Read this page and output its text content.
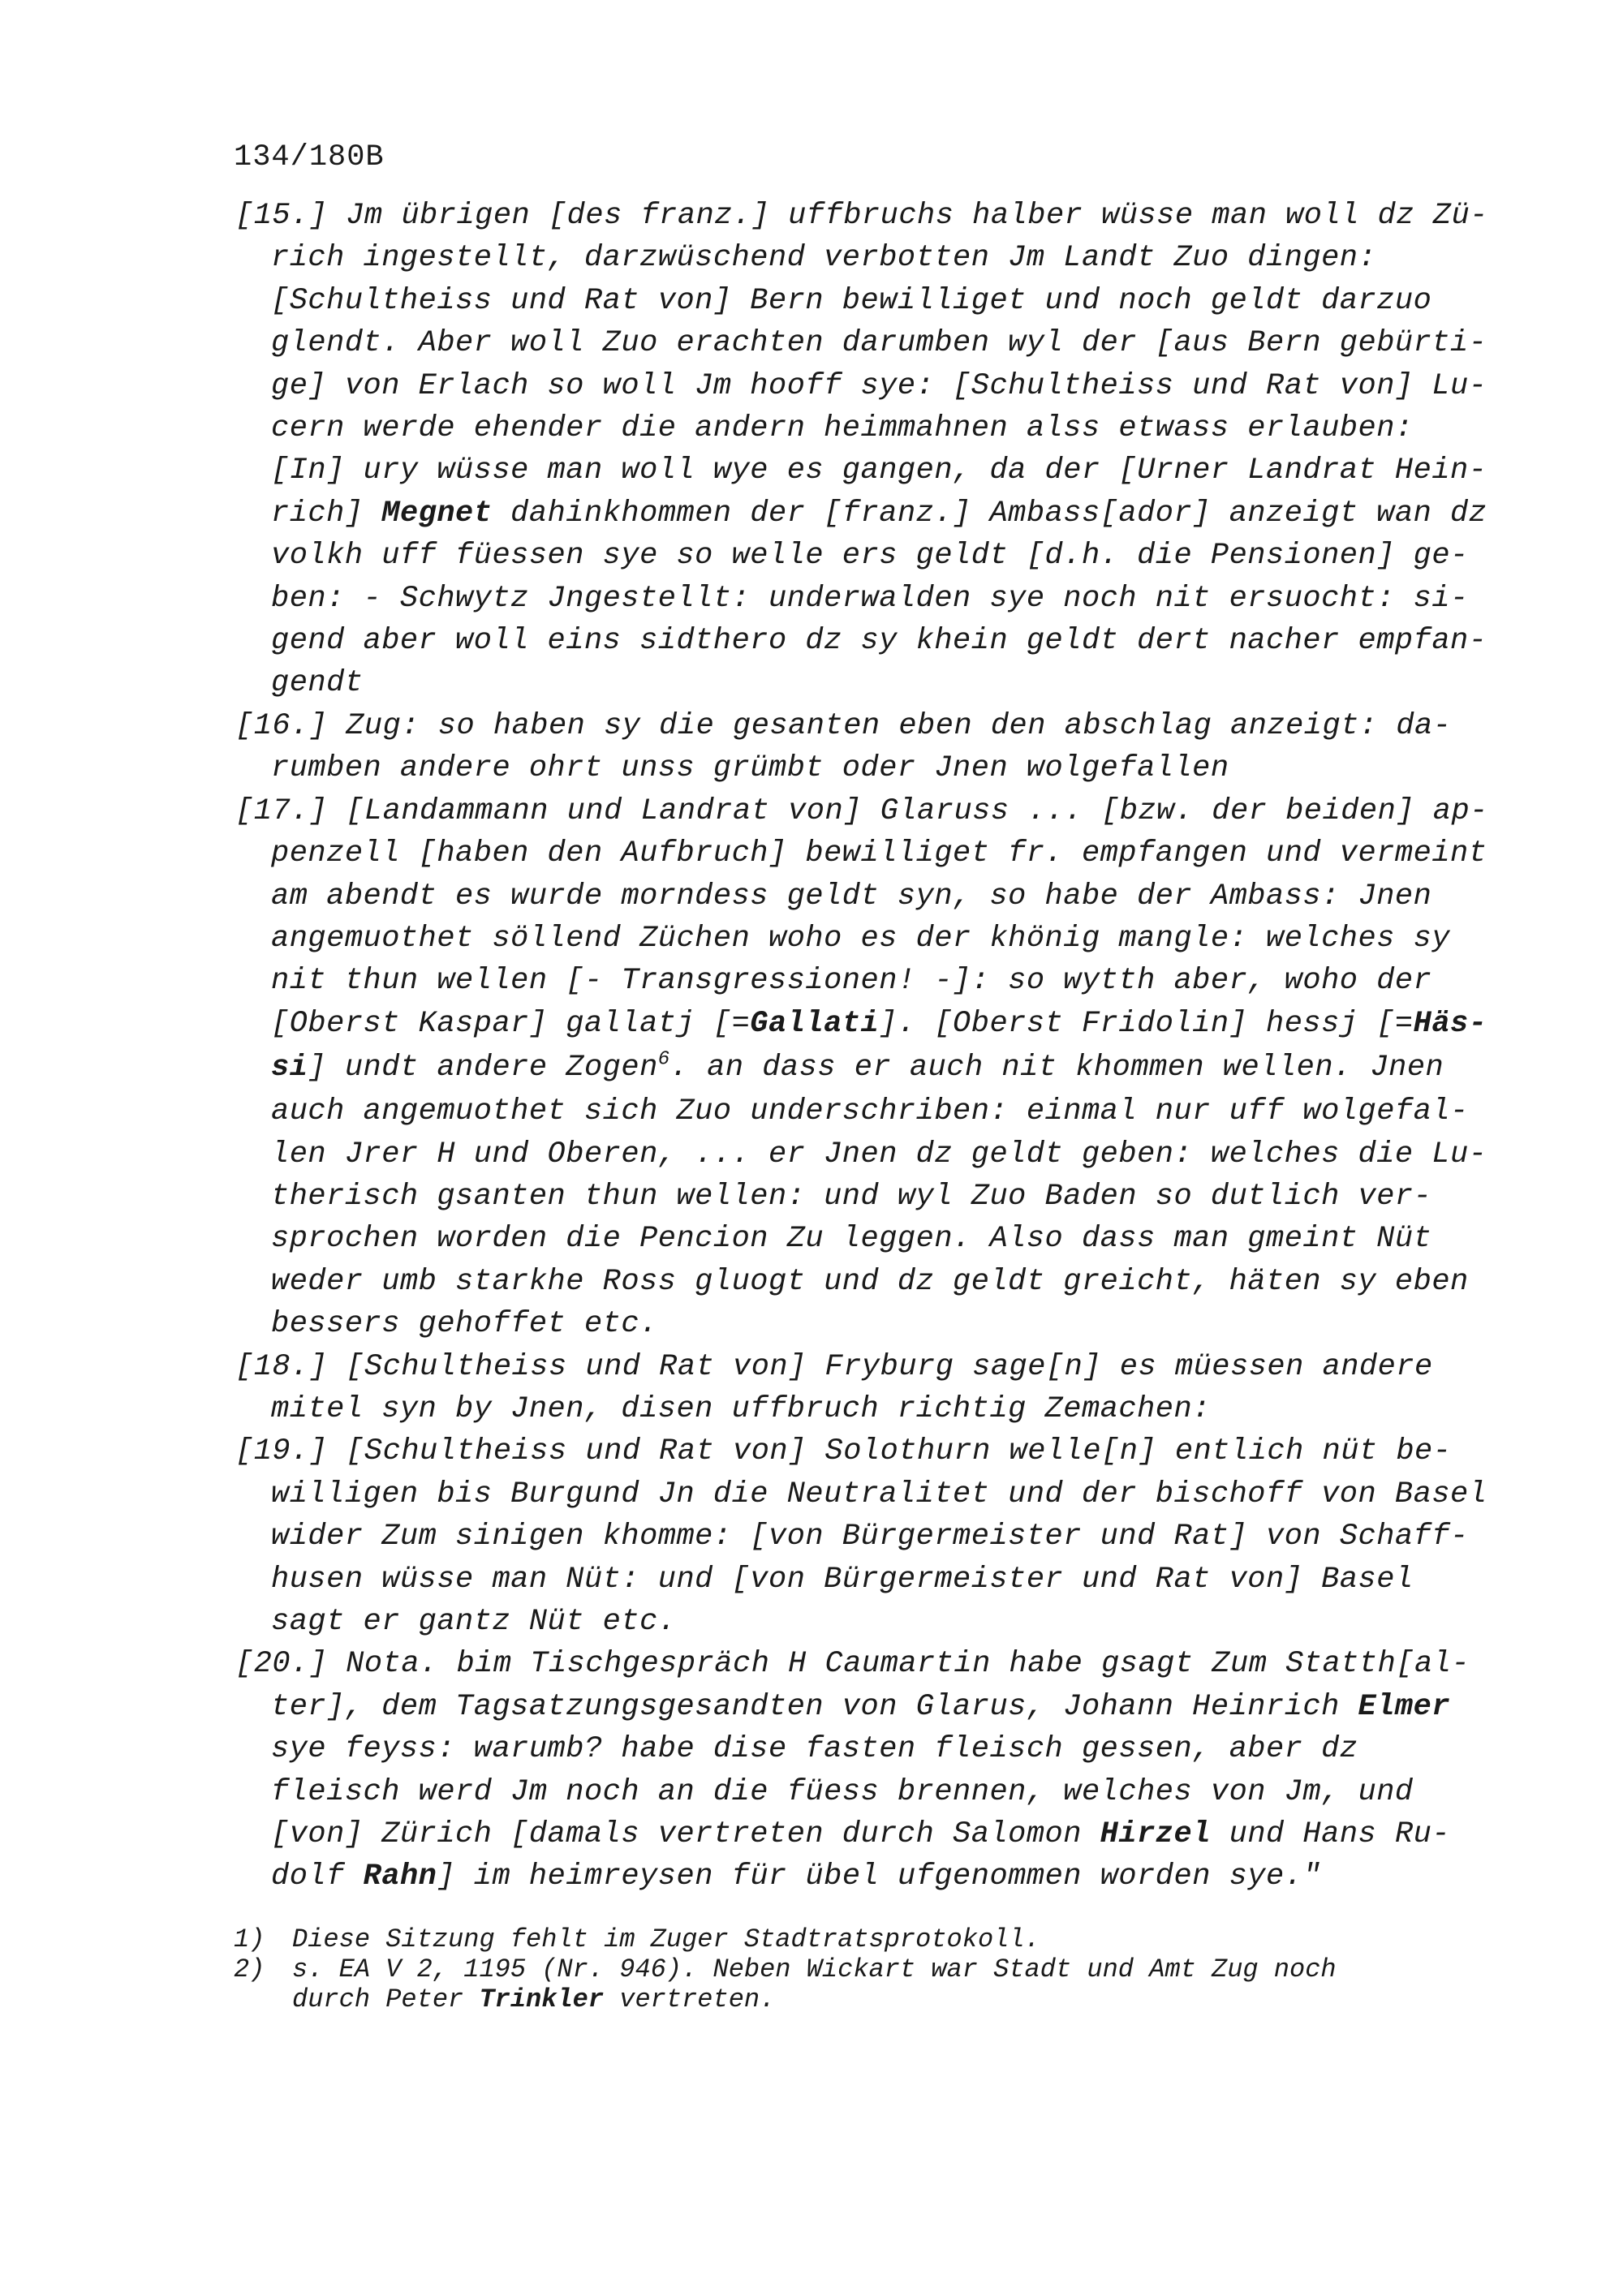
134/180B
[15.] Jm übrigen [des franz.] uffbruchs halber wüsse man woll dz Zü-
rich ingestellt, darzwüschend verbotten Jm Landt Zuo dingen:
[Schultheiss und Rat von] Bern bewilliget und noch geldt darzuo
glendt. Aber woll Zuo erachten darumben wyl der [aus Bern gebürti-
ge] von Erlach so woll Jm hooff sye: [Schultheiss und Rat von] Lu-
cern werde ehender die andern heimmahnen alss etwass erlauben:
[In] ury wüsse man woll wye es gangen, da der [Urner Landrat Hein-
rich] Megnet dahinkhommen der [franz.] Ambass[ador] anzeigt wan dz
volkh uff füessen sye so welle ers geldt [d.h. die Pensionen] ge-
ben: - Schwytz Jngestellt: underwalden sye noch nit ersuocht: si-
gend aber woll eins sidthero dz sy khein geldt dert nacher empfan-
gendt
[16.] Zug: so haben sy die gesanten eben den abschlag anzeigt: da-
rumben andere ohrt unss grümbt oder Jnen wolgefallen
[17.] [Landammann und Landrat von] Glaruss ... [bzw. der beiden] ap-
penzell [haben den Aufbruch] bewilliget fr. empfangen und vermeint
am abendt es wurde morndess geldt syn, so habe der Ambass: Jnen
angemuothet söllend Züchen woho es der khönig mangle: welches sy
nit thun wellen [- Transgressionen! -]: so wytth aber, woho der
[Oberst Kaspar] gallatj [=Gallati]. [Oberst Fridolin] hessj [=Häs-
si] undt andere Zogen$^6$. an dass er auch nit khommen wellen. Jnen
auch angemuothet sich Zuo underschriben: einmal nur uff wolgefal-
len Jrer H und Oberen, ... er Jnen dz geldt geben: welches die Lu-
therisch gsanten thun wellen: und wyl Zuo Baden so dutlich ver-
sprochen worden die Pencion Zu leggen. Also dass man gmeint Nüt
weder umb starkhe Ross gluogt und dz geldt greicht, häten sy eben
bessers gehoffet etc.
[18.] [Schultheiss und Rat von] Fryburg sage[n] es müessen andere
mitel syn by Jnen, disen uffbruch richtig Zemachen:
[19.] [Schultheiss und Rat von] Solothurn welle[n] entlich nüt be-
willigen bis Burgund Jn die Neutralitet und der bischoff von Basel
wider Zum sinigen khomme: [von Bürgermeister und Rat] von Schaff-
husen wüsse man Nüt: und [von Bürgermeister und Rat von] Basel
sagt er gantz Nüt etc.
[20.] Nota. bim Tischgespräch H Caumartin habe gsagt Zum Statth[al-
ter], dem Tagsatzungsgesandten von Glarus, Johann Heinrich Elmer
sye feyss: warumb? habe dise fasten fleisch gessen, aber dz
fleisch werd Jm noch an die füess brennen, welches von Jm, und
[von] Zürich [damals vertreten durch Salomon Hirzel und Hans Ru-
dolf Rahn] im heimreysen für übel ufgenommen worden sye."
1) Diese Sitzung fehlt im Zuger Stadtratsprotokoll.
2) s. EA V 2, 1195 (Nr. 946). Neben Wickart war Stadt und Amt Zug noch
durch Peter Trinkler vertreten.
